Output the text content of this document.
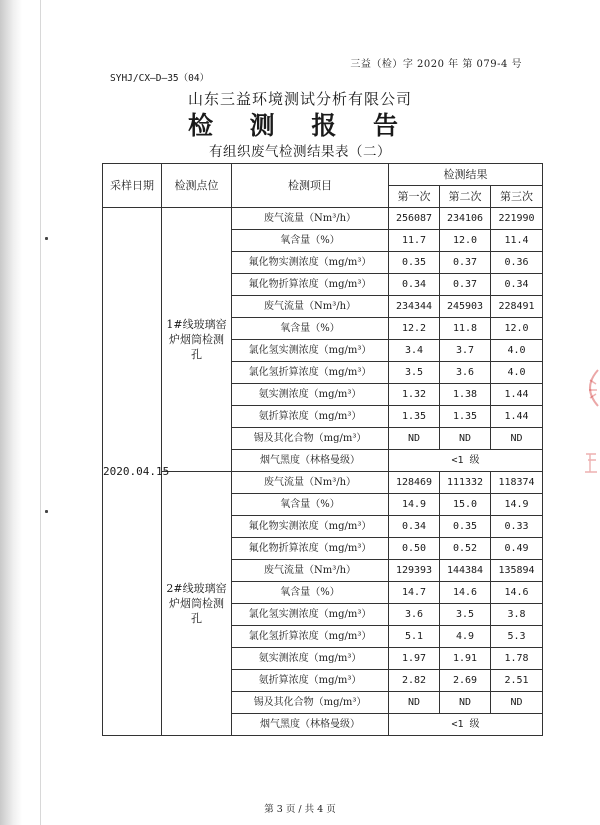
三益（检）字 2020 年 第 079-4 号
SYHJ/CX—D—35（04）
山东三益环境测试分析有限公司
检 测 报 告
有组织废气检测结果表（二）
采样日期	检测点位	检测项目	检测结果		
			第一次	第二次	第三次
2020.04.15	1#线玻璃窑炉烟筒检测孔	废气流量（Nm³/h）	256087	234106	221990
		氧含量（%）	11.7	12.0	11.4
		氟化物实测浓度（mg/m³）	0.35	0.37	0.36
		氟化物折算浓度（mg/m³）	0.34	0.37	0.34
		废气流量（Nm³/h）	234344	245903	228491
		氧含量（%）	12.2	11.8	12.0
		氯化氢实测浓度（mg/m³）	3.4	3.7	4.0
		氯化氢折算浓度（mg/m³）	3.5	3.6	4.0
		氨实测浓度（mg/m³）	1.32	1.38	1.44
		氨折算浓度（mg/m³）	1.35	1.35	1.44
		锡及其化合物（mg/m³）	ND	ND	ND
		烟气黑度（林格曼级）	<1 级		
	2#线玻璃窑炉烟筒检测孔	废气流量（Nm³/h）	128469	111332	118374
		氧含量（%）	14.9	15.0	14.9
		氟化物实测浓度（mg/m³）	0.34	0.35	0.33
		氟化物折算浓度（mg/m³）	0.50	0.52	0.49
		废气流量（Nm³/h）	129393	144384	135894
		氧含量（%）	14.7	14.6	14.6
		氯化氢实测浓度（mg/m³）	3.6	3.5	3.8
		氯化氢折算浓度（mg/m³）	5.1	4.9	5.3
		氨实测浓度（mg/m³）	1.97	1.91	1.78
		氨折算浓度（mg/m³）	2.82	2.69	2.51
		锡及其化合物（mg/m³）	ND	ND	ND
		烟气黑度（林格曼级）	<1 级		
第 3 页 / 共 4 页
